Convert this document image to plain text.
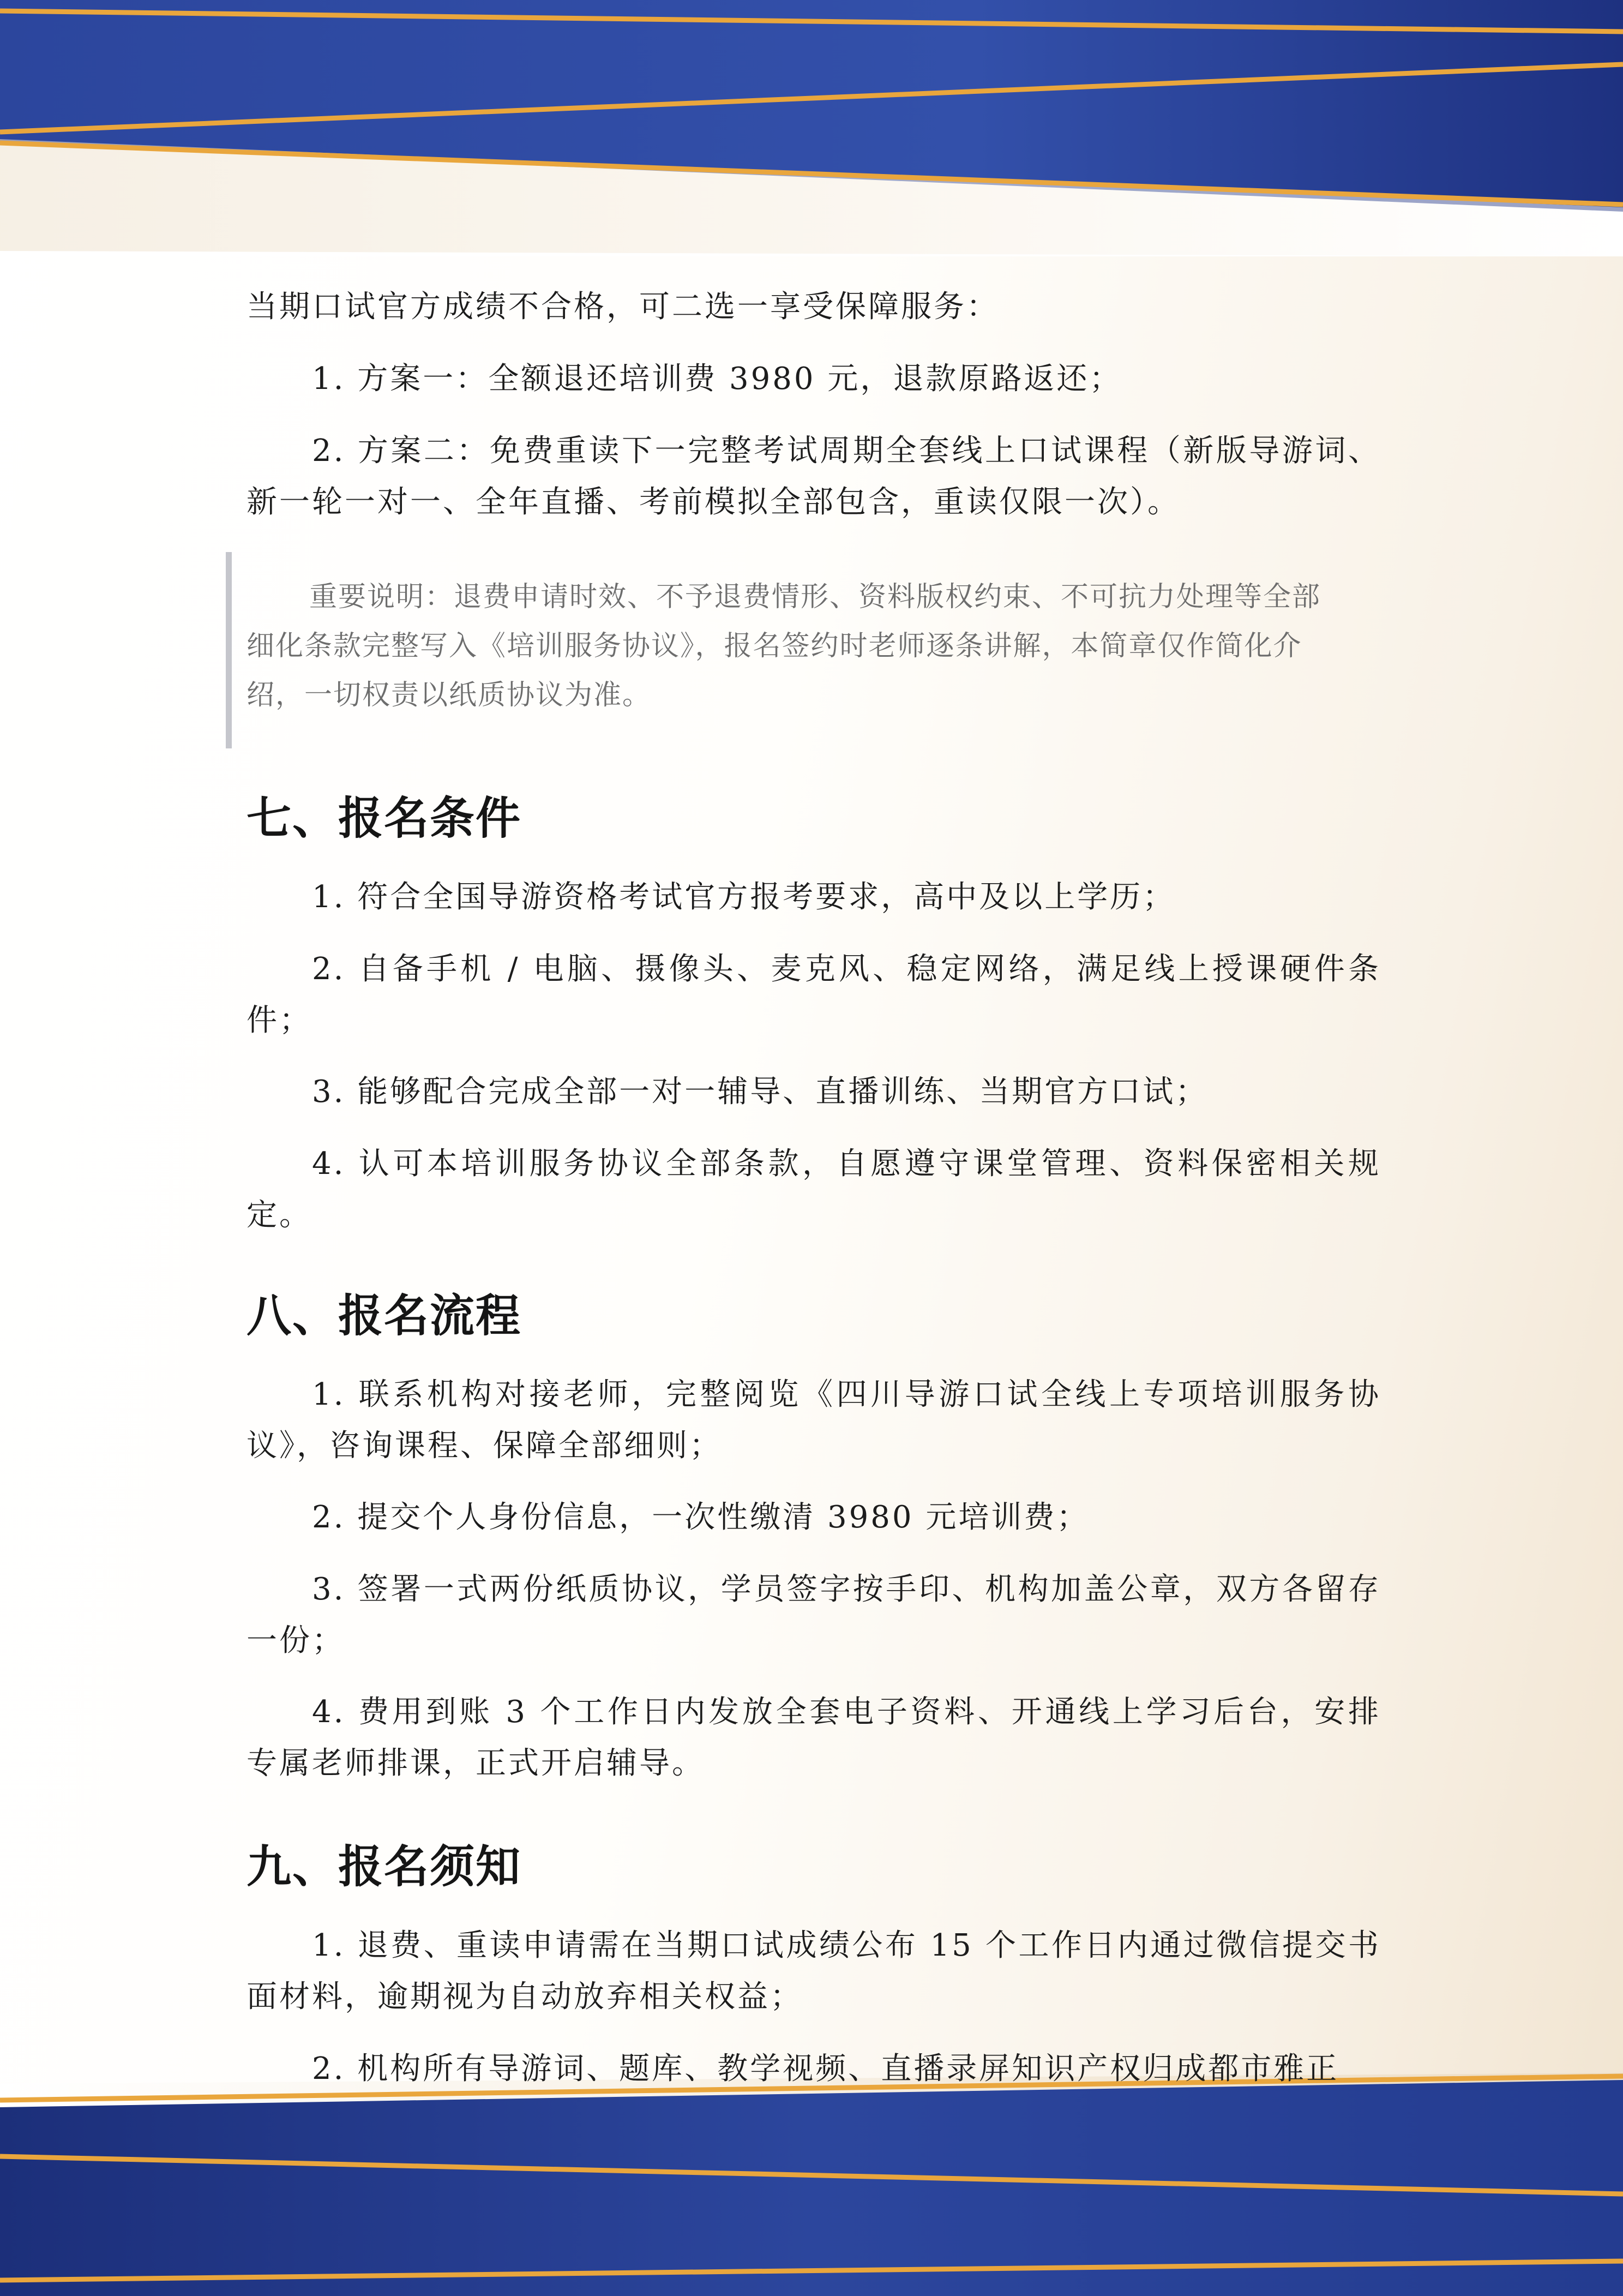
当期口试官方成绩不合格，可二选一享受保障服务：

1. 方案一：全额退还培训费 3980 元，退款原路返还；

2. 方案二：免费重读下一完整考试周期全套线上口试课程（新版导游词、新一轮一对一、全年直播、考前模拟全部包含，重读仅限一次）。

重要说明：退费申请时效、不予退费情形、资料版权约束、不可抗力处理等全部细化条款完整写入《培训服务协议》，报名签约时老师逐条讲解，本简章仅作简化介绍，一切权责以纸质协议为准。

七、报名条件

1. 符合全国导游资格考试官方报考要求，高中及以上学历；

2. 自备手机 / 电脑、摄像头、麦克风、稳定网络，满足线上授课硬件条件；

3. 能够配合完成全部一对一辅导、直播训练、当期官方口试；

4. 认可本培训服务协议全部条款，自愿遵守课堂管理、资料保密相关规定。

八、报名流程

1. 联系机构对接老师，完整阅览《四川导游口试全线上专项培训服务协议》，咨询课程、保障全部细则；

2. 提交个人身份信息，一次性缴清 3980 元培训费；

3. 签署一式两份纸质协议，学员签字按手印、机构加盖公章，双方各留存一份；

4. 费用到账 3 个工作日内发放全套电子资料、开通线上学习后台，安排专属老师排课，正式开启辅导。

九、报名须知

1. 退费、重读申请需在当期口试成绩公布 15 个工作日内通过微信提交书面材料，逾期视为自动放弃相关权益；

2. 机构所有导游词、题库、教学视频、直播录屏知识产权归成都市雅正
